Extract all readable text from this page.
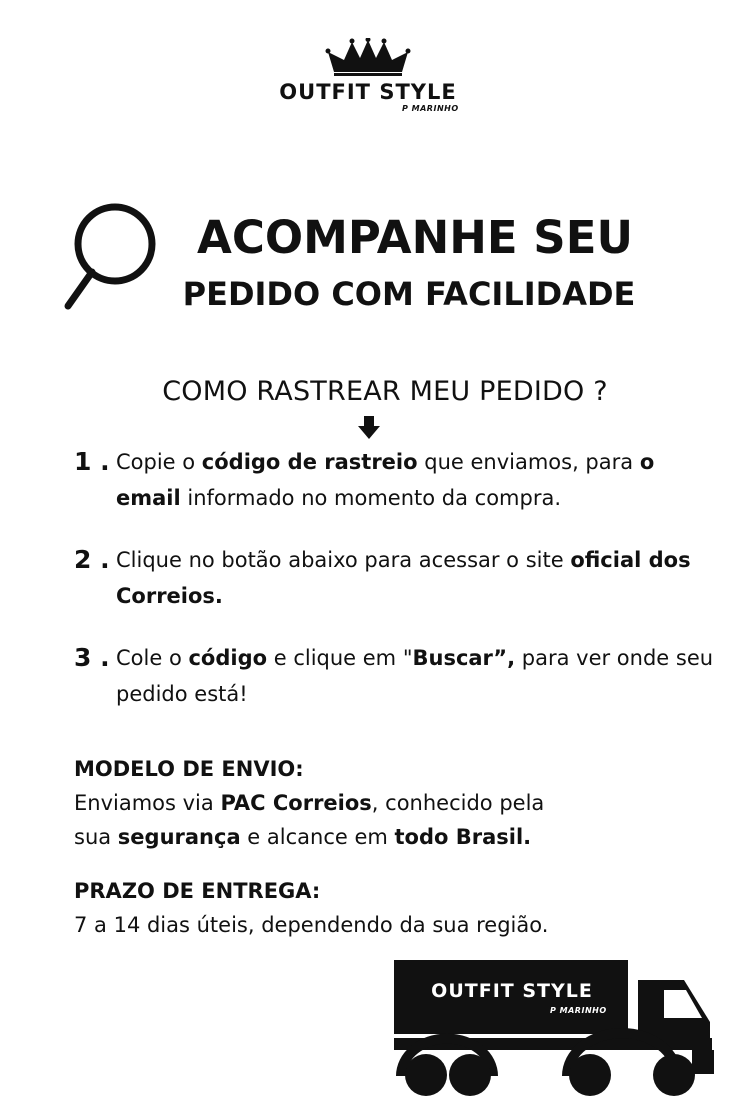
OUTFIT STYLE
P MARINHO
ACOMPANHE SEU
PEDIDO COM FACILIDADE
COMO RASTREAR MEU PEDIDO ?
1 . Copie o código de rastreio que enviamos, para o email informado no momento da compra.
2 . Clique no botão abaixo para acessar o site oficial dos Correios.
3 . Cole o código e clique em "Buscar”, para ver onde seu pedido está!
MODELO DE ENVIO:
Enviamos via PAC Correios, conhecido pela
sua segurança e alcance em todo Brasil.
PRAZO DE ENTREGA:
7 a 14 dias úteis, dependendo da sua região.
OUTFIT STYLE
P MARINHO
